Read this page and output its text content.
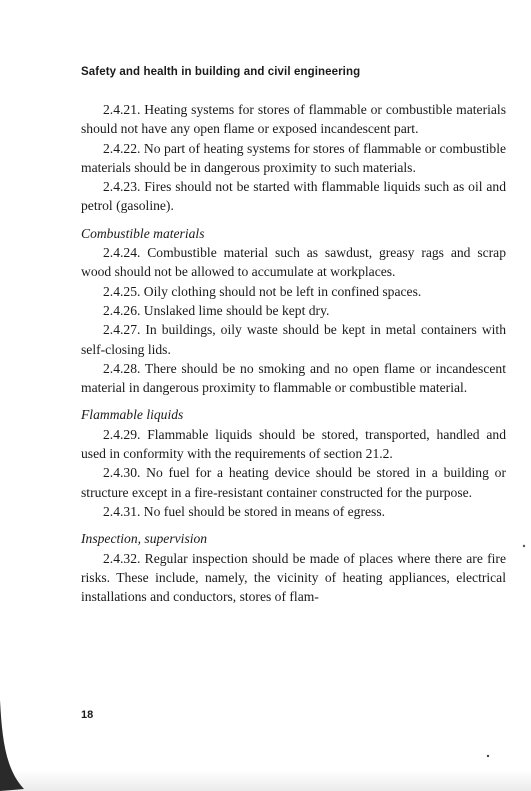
Safety and health in building and civil engineering

2.4.21. Heating systems for stores of flammable or combustible materials should not have any open flame or exposed incandescent part.

2.4.22. No part of heating systems for stores of flammable or combustible materials should be in dangerous proximity to such materials.

2.4.23. Fires should not be started with flammable liquids such as oil and petrol (gasoline).

Combustible materials

2.4.24. Combustible material such as sawdust, greasy rags and scrap wood should not be allowed to accumulate at workplaces.

2.4.25. Oily clothing should not be left in confined spaces.

2.4.26. Unslaked lime should be kept dry.

2.4.27. In buildings, oily waste should be kept in metal containers with self-closing lids.

2.4.28. There should be no smoking and no open flame or incandescent material in dangerous proximity to flammable or combustible material.

Flammable liquids

2.4.29. Flammable liquids should be stored, transported, handled and used in conformity with the requirements of section 21.2.

2.4.30. No fuel for a heating device should be stored in a building or structure except in a fire-resistant container constructed for the purpose.

2.4.31. No fuel should be stored in means of egress.

Inspection, supervision

2.4.32. Regular inspection should be made of places where there are fire risks. These include, namely, the vicinity of heating appliances, electrical installations and conductors, stores of flam-

18
